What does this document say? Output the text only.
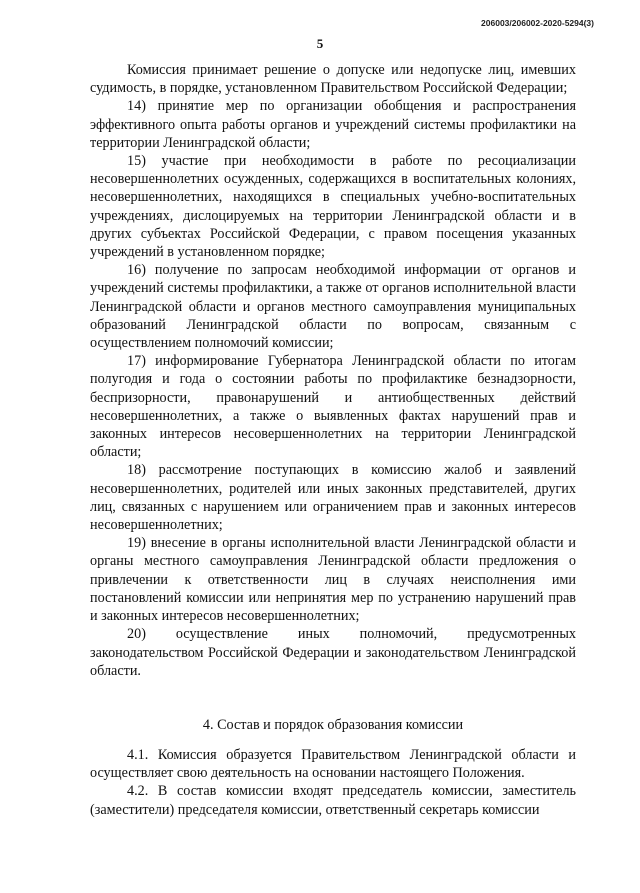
206003/206002-2020-5294(3)
5

Комиссия принимает решение о допуске или недопуске лиц, имевших судимость, в порядке, установленном Правительством Российской Федерации;

14) принятие мер по организации обобщения и распространения эффективного опыта работы органов и учреждений системы профилактики на территории Ленинградской области;

15) участие при необходимости в работе по ресоциализации несовершеннолетних осужденных, содержащихся в воспитательных колониях, несовершеннолетних, находящихся в специальных учебно-воспитательных учреждениях, дислоцируемых на территории Ленинградской области и в других субъектах Российской Федерации, с правом посещения указанных учреждений в установленном порядке;

16) получение по запросам необходимой информации от органов и учреждений системы профилактики, а также от органов исполнительной власти Ленинградской области и органов местного самоуправления муниципальных образований Ленинградской области по вопросам, связанным с осуществлением полномочий комиссии;

17) информирование Губернатора Ленинградской области по итогам полугодия и года о состоянии работы по профилактике безнадзорности, беспризорности, правонарушений и антиобщественных действий несовершеннолетних, а также о выявленных фактах нарушений прав и законных интересов несовершеннолетних на территории Ленинградской области;

18) рассмотрение поступающих в комиссию жалоб и заявлений несовершеннолетних, родителей или иных законных представителей, других лиц, связанных с нарушением или ограничением прав и законных интересов несовершеннолетних;

19) внесение в органы исполнительной власти Ленинградской области и органы местного самоуправления Ленинградской области предложения о привлечении к ответственности лиц в случаях неисполнения ими постановлений комиссии или непринятия мер по устранению нарушений прав и законных интересов несовершеннолетних;

20) осуществление иных полномочий, предусмотренных законодательством Российской Федерации и законодательством Ленинградской области.

4. Состав и порядок образования комиссии

4.1. Комиссия образуется Правительством Ленинградской области и осуществляет свою деятельность на основании настоящего Положения.

4.2. В состав комиссии входят председатель комиссии, заместитель (заместители) председателя комиссии, ответственный секретарь комиссии
